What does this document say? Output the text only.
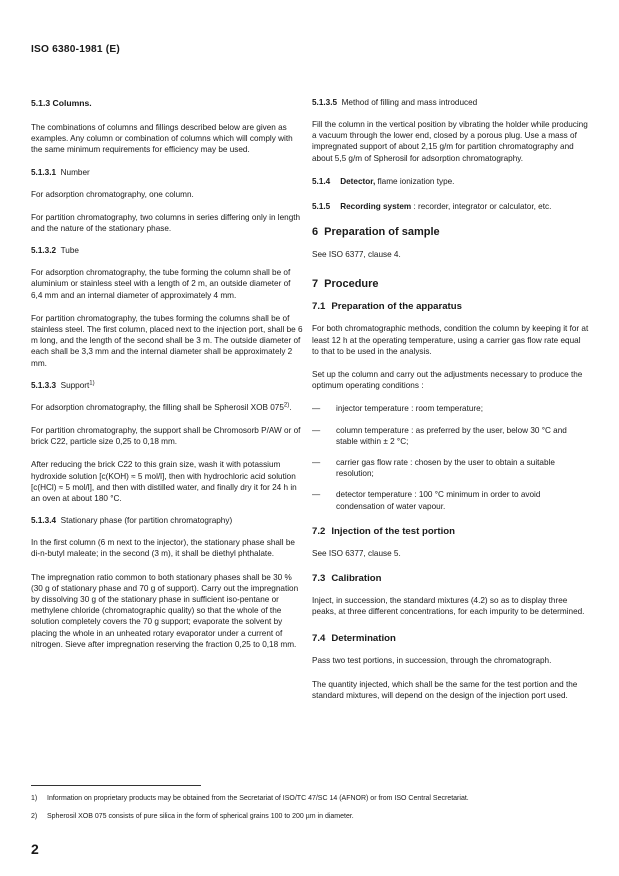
ISO 6380-1981 (E)
5.1.3 Columns.

The combinations of columns and fillings described below are given as examples. Any column or combination of columns which will comply with the same minimum requirements for efficiency may be used.

5.1.3.1 Number

For adsorption chromatography, one column.

For partition chromatography, two columns in series differing only in length and the nature of the stationary phase.

5.1.3.2 Tube

For adsorption chromatography, the tube forming the column shall be of aluminium or stainless steel with a length of 2 m, an outside diameter of 6,4 mm and an internal diameter of approximately 4 mm.

For partition chromatography, the tubes forming the columns shall be of stainless steel. The first column, placed next to the injection port, shall be 6 m long, and the length of the second shall be 3 m. The outside diameter of each shall be 3,3 mm and the internal diameter shall be approximately 2 mm.

5.1.3.3 Support$^{1)}$

For adsorption chromatography, the filling shall be Spherosil XOB 075$^{2)}$.

For partition chromatography, the support shall be Chromosorb P/AW or of brick C22, particle size 0,25 to 0,18 mm.

After reducing the brick C22 to this grain size, wash it with potassium hydroxide solution [c(KOH) ≈ 5 mol/l], then with hydrochloric acid solution [c(HCl) ≈ 5 mol/l], and then with distilled water, and finally dry it for 24 h in an oven at about 180 °C.

5.1.3.4 Stationary phase (for partition chromatography)

In the first column (6 m next to the injector), the stationary phase shall be di-n-butyl maleate; in the second (3 m), it shall be diethyl phthalate.

The impregnation ratio common to both stationary phases shall be 30 % (30 g of stationary phase and 70 g of support). Carry out the impregnation by dissolving 30 g of the stationary phase in sufficient iso-pentane or methylene chloride (chromatographic quality) so that the whole of the solution completely covers the 70 g support; evaporate the solvent by placing the whole in an unheated rotary evaporator under a current of nitrogen. Sieve after impregnation reserving the fraction 0,25 to 0,18 mm.

5.1.3.5 Method of filling and mass introduced

Fill the column in the vertical position by vibrating the holder while producing a vacuum through the lower end, closed by a porous plug. Use a mass of impregnated support of about 2,15 g/m for partition chromatography and about 5,5 g/m of Spherosil for adsorption chromatography.

5.1.4 Detector, flame ionization type.
5.1.5 Recording system : recorder, integrator or calculator, etc.
6 Preparation of sample

See ISO 6377, clause 4.

7 Procedure
7.1 Preparation of the apparatus

For both chromatographic methods, condition the column by keeping it for at least 12 h at the operating temperature, using a carrier gas flow rate equal to that to be used in the analysis.

Set up the column and carry out the adjustments necessary to produce the optimum operating conditions :

— injector temperature : room temperature;
— column temperature : as preferred by the user, below 30 °C and stable within ± 2 °C;
— carrier gas flow rate : chosen by the user to obtain a suitable resolution;
— detector temperature : 100 °C minimum in order to avoid condensation of water vapour.
7.2 Injection of the test portion

See ISO 6377, clause 5.

7.3 Calibration

Inject, in succession, the standard mixtures (4.2) so as to display three peaks, at three different concentrations, for each impurity to be determined.

7.4 Determination

Pass two test portions, in succession, through the chromatograph.

The quantity injected, which shall be the same for the test portion and the standard mixtures, will depend on the design of the injection port used.

1) Information on proprietary products may be obtained from the Secretariat of ISO/TC 47/SC 14 (AFNOR) or from ISO Central Secretariat.
2) Spherosil XOB 075 consists of pure silica in the form of spherical grains 100 to 200 µm in diameter.
2
